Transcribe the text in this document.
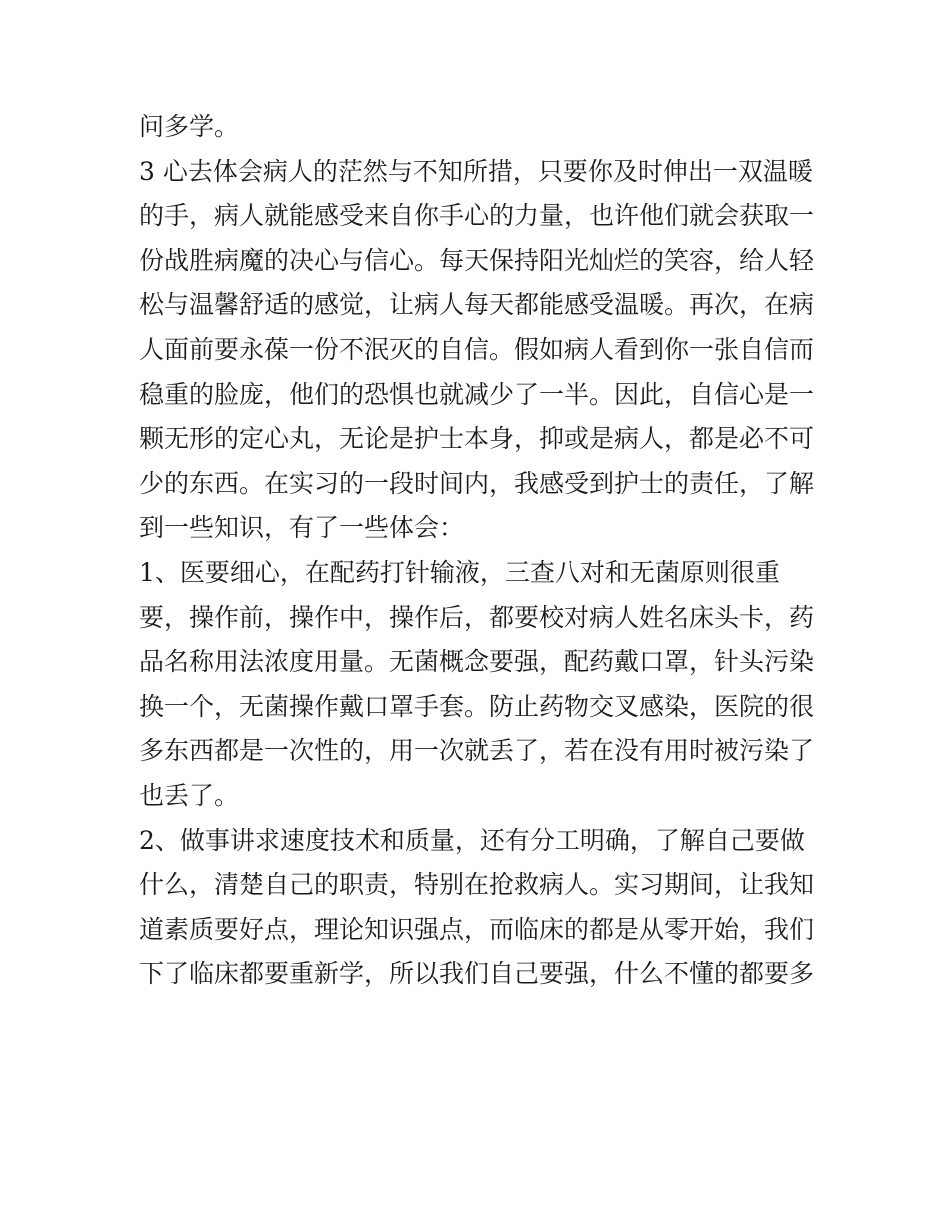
问多学。
3 心去体会病人的茫然与不知所措，只要你及时伸出一双温暖
的手，病人就能感受来自你手心的力量，也许他们就会获取一
份战胜病魔的决心与信心。每天保持阳光灿烂的笑容，给人轻
松与温馨舒适的感觉，让病人每天都能感受温暖。再次，在病
人面前要永葆一份不泯灭的自信。假如病人看到你一张自信而
稳重的脸庞，他们的恐惧也就减少了一半。因此，自信心是一
颗无形的定心丸，无论是护士本身，抑或是病人，都是必不可
少的东西。在实习的一段时间内，我感受到护士的责任，了解
到一些知识，有了一些体会：
1、医要细心，在配药打针输液，三查八对和无菌原则很重
要，操作前，操作中，操作后，都要校对病人姓名床头卡，药
品名称用法浓度用量。无菌概念要强，配药戴口罩，针头污染
换一个，无菌操作戴口罩手套。防止药物交叉感染，医院的很
多东西都是一次性的，用一次就丢了，若在没有用时被污染了
也丢了。
2、做事讲求速度技术和质量，还有分工明确，了解自己要做
什么，清楚自己的职责，特别在抢救病人。实习期间，让我知
道素质要好点，理论知识强点，而临床的都是从零开始，我们
下了临床都要重新学，所以我们自己要强，什么不懂的都要多
